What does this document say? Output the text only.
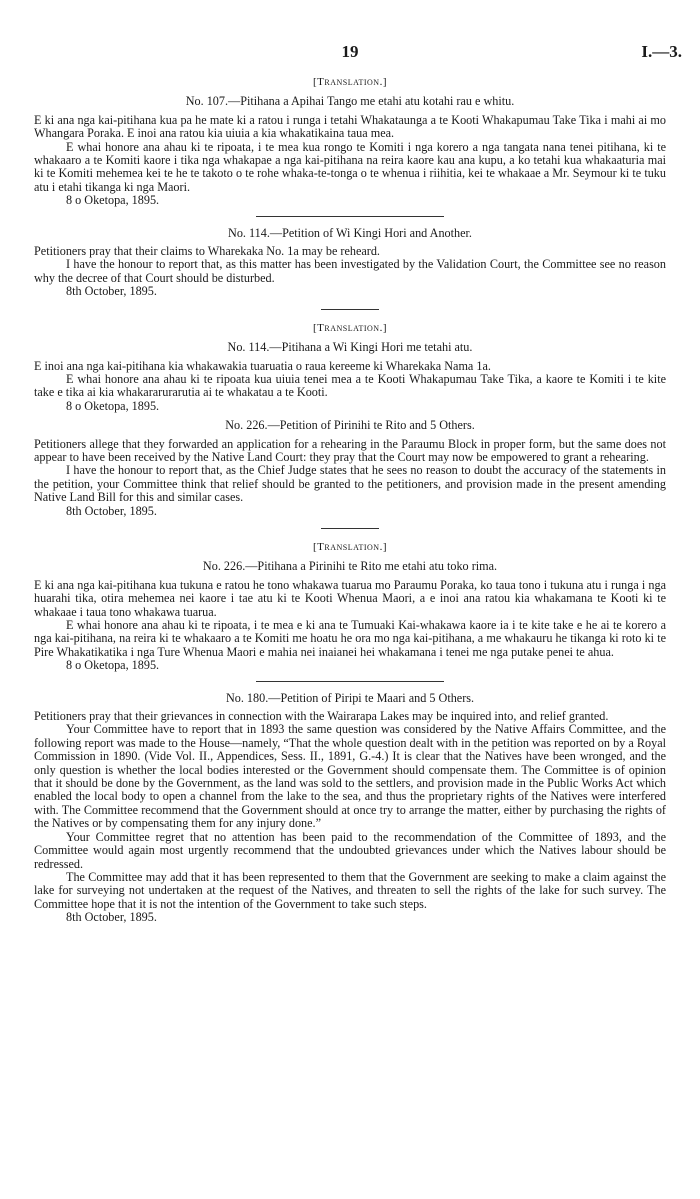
19	I.—3.
[Translation.]
No. 107.—Pitihana a Apihai Tango me etahi atu kotahi rau e whitu.

E ki ana nga kai-pitihana kua pa he mate ki a ratou i runga i tetahi Whakataunga a te Kooti Whakapumau Take Tika i mahi ai mo Whangara Poraka. E inoi ana ratou kia uiuia a kia whakatikaina taua mea.

E whai honore ana ahau ki te ripoata, i te mea kua rongo te Komiti i nga korero a nga tangata nana tenei pitihana, ki te whakaaro a te Komiti kaore i tika nga whakapae a nga kai-pitihana na reira kaore kau ana kupu, a ko tetahi kua whakaaturia mai ki te Komiti mehemea kei te he te takoto o te rohe whaka-te-tonga o te whenua i riihitia, kei te whakaae a Mr. Seymour ki te tuku atu i etahi tikanga ki nga Maori.

8 o Oketopa, 1895.

No. 114.—Petition of Wi Kingi Hori and Another.

Petitioners pray that their claims to Wharekaka No. 1a may be reheard.

I have the honour to report that, as this matter has been investigated by the Validation Court, the Committee see no reason why the decree of that Court should be disturbed.

8th October, 1895.

[Translation.]
No. 114.—Pitihana a Wi Kingi Hori me tetahi atu.

E inoi ana nga kai-pitihana kia whakawakia tuaruatia o raua kereeme ki Wharekaka Nama 1a.

E whai honore ana ahau ki te ripoata kua uiuia tenei mea a te Kooti Whakapumau Take Tika, a kaore te Komiti i te kite take e tika ai kia whakararurarutia ai te whakatau a te Kooti.

8 o Oketopa, 1895.

No. 226.—Petition of Pirinihi te Rito and 5 Others.

Petitioners allege that they forwarded an application for a rehearing in the Paraumu Block in proper form, but the same does not appear to have been received by the Native Land Court: they pray that the Court may now be empowered to grant a rehearing.

I have the honour to report that, as the Chief Judge states that he sees no reason to doubt the accuracy of the statements in the petition, your Committee think that relief should be granted to the petitioners, and provision made in the present amending Native Land Bill for this and similar cases.

8th October, 1895.

[Translation.]
No. 226.—Pitihana a Pirinihi te Rito me etahi atu toko rima.

E ki ana nga kai-pitihana kua tukuna e ratou he tono whakawa tuarua mo Paraumu Poraka, ko taua tono i tukuna atu i runga i nga huarahi tika, otira mehemea nei kaore i tae atu ki te Kooti Whenua Maori, a e inoi ana ratou kia whakamana te Kooti ki te whakaae i taua tono whakawa tuarua.

E whai honore ana ahau ki te ripoata, i te mea e ki ana te Tumuaki Kai-whakawa kaore ia i te kite take e he ai te korero a nga kai-pitihana, na reira ki te whakaaro a te Komiti me hoatu he ora mo nga kai-pitihana, a me whakauru he tikanga ki roto ki te Pire Whakatikatika i nga Ture Whenua Maori e mahia nei inaianei hei whakamana i tenei me nga putake penei te ahua.

8 o Oketopa, 1895.

No. 180.—Petition of Piripi te Maari and 5 Others.

Petitioners pray that their grievances in connection with the Wairarapa Lakes may be inquired into, and relief granted.

Your Committee have to report that in 1893 the same question was considered by the Native Affairs Committee, and the following report was made to the House—namely, “That the whole question dealt with in the petition was reported on by a Royal Commission in 1890. (Vide Vol. II., Appendices, Sess. II., 1891, G.-4.) It is clear that the Natives have been wronged, and the only question is whether the local bodies interested or the Government should compensate them. The Committee is of opinion that it should be done by the Government, as the land was sold to the settlers, and provision made in the Public Works Act which enabled the local body to open a channel from the lake to the sea, and thus the proprietary rights of the Natives were interfered with. The Committee recommend that the Government should at once try to arrange the matter, either by purchasing the rights of the Natives or by compensating them for any injury done.”

Your Committee regret that no attention has been paid to the recommendation of the Committee of 1893, and the Committee would again most urgently recommend that the undoubted grievances under which the Natives labour should be redressed.

The Committee may add that it has been represented to them that the Government are seeking to make a claim against the lake for surveying not undertaken at the request of the Natives, and threaten to sell the rights of the lake for such survey. The Committee hope that it is not the intention of the Government to take such steps.

8th October, 1895.
